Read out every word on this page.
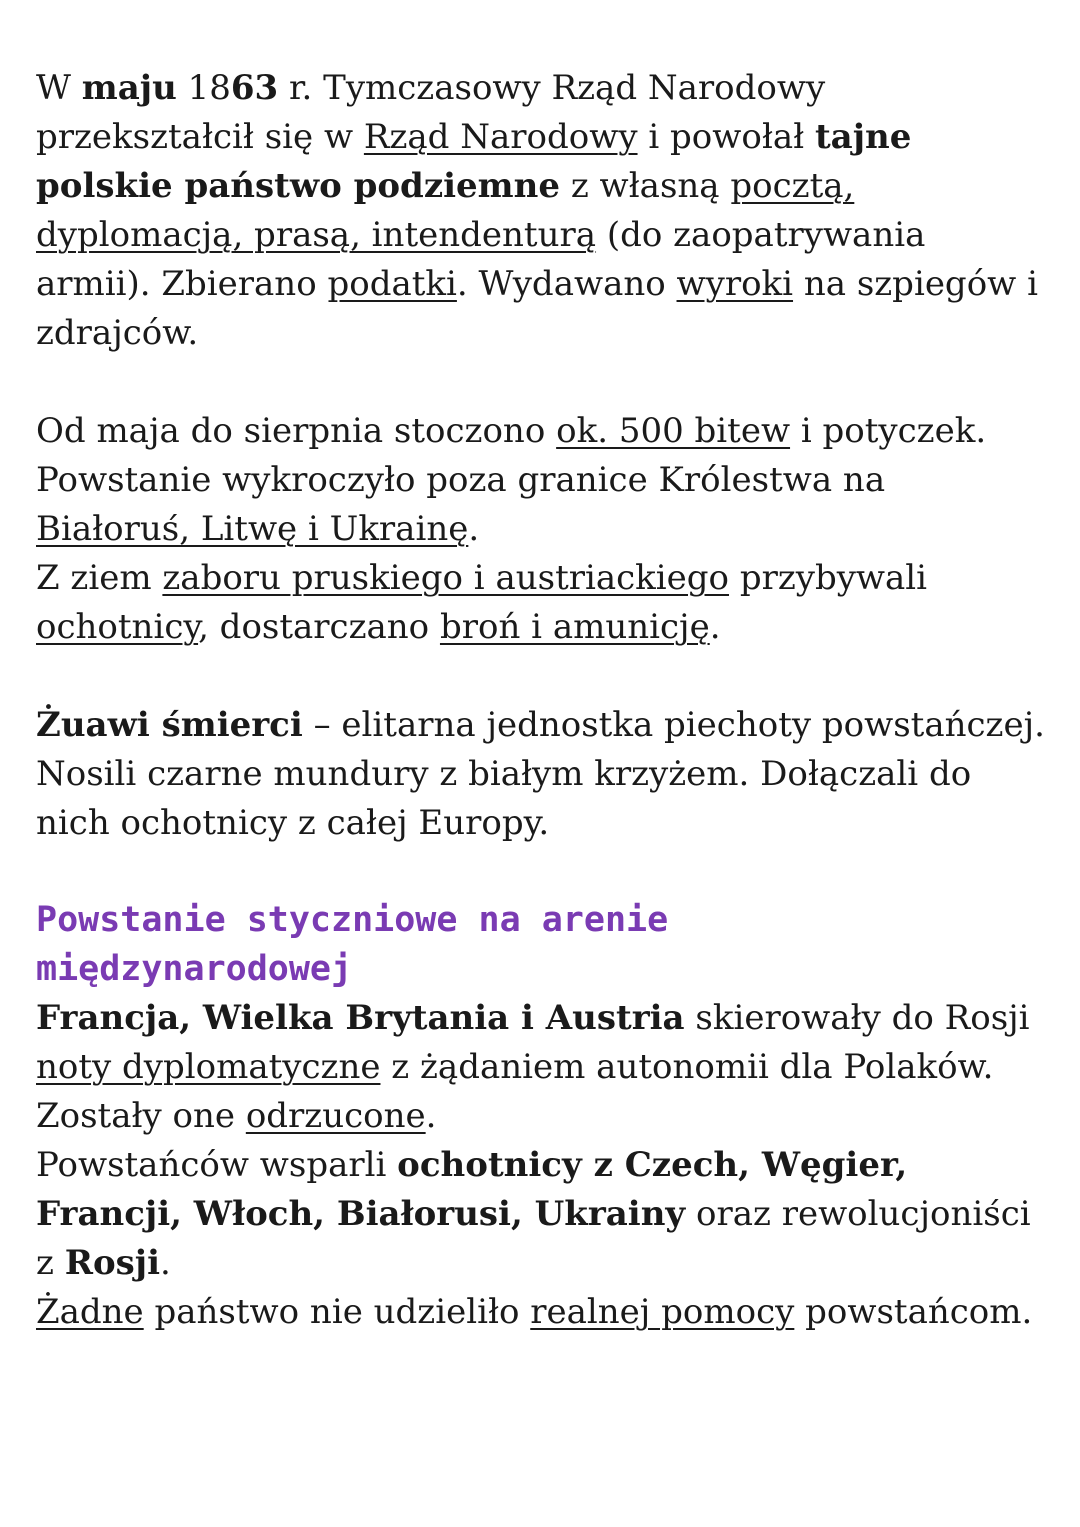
W maju 1863 r. Tymczasowy Rząd Narodowy przekształcił się w Rząd Narodowy i powołał tajne polskie państwo podziemne z własną pocztą, dyplomacją, prasą, intendenturą (do zaopatrywania armii). Zbierano podatki. Wydawano wyroki na szpiegów i zdrajców.

Od maja do sierpnia stoczono ok. 500 bitew i potyczek. Powstanie wykroczyło poza granice Królestwa na Białoruś, Litwę i Ukrainę.

Z ziem zaboru pruskiego i austriackiego przybywali ochotnicy, dostarczano broń i amunicję.

Żuawi śmierci – elitarna jednostka piechoty powstańczej. Nosili czarne mundury z białym krzyżem. Dołączali do nich ochotnicy z całej Europy.

Powstanie styczniowe na arenie
międzynarodowej

Francja, Wielka Brytania i Austria skierowały do Rosji noty dyplomatyczne z żądaniem autonomii dla Polaków. Zostały one odrzucone.

Powstańców wsparli ochotnicy z Czech, Węgier, Francji, Włoch, Białorusi, Ukrainy oraz rewolucjoniści z Rosji.

Żadne państwo nie udzieliło realnej pomocy powstańcom.
